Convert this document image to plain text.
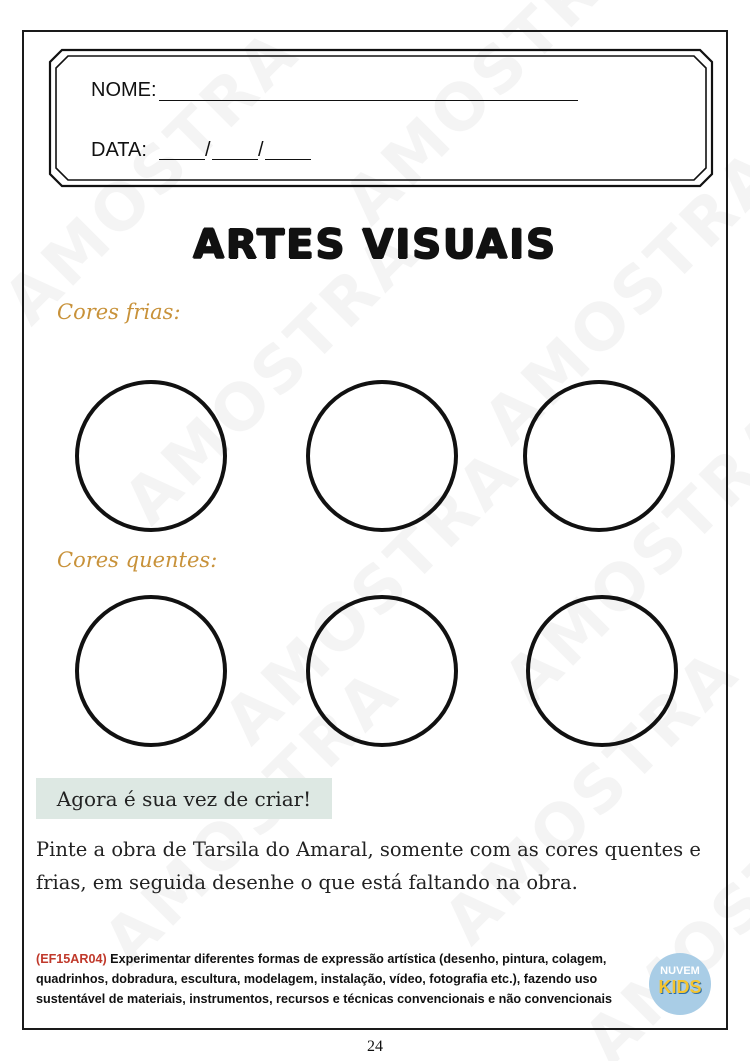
NOME:
DATA:	/ /
ARTES VISUAIS
Cores frias:
Cores quentes:
Agora é sua vez de criar!
Pinte a obra de Tarsila do Amaral, somente com as cores quentes e frias, em seguida desenhe o que está faltando na obra.
(EF15AR04) Experimentar diferentes formas de expressão artística (desenho, pintura, colagem, quadrinhos, dobradura, escultura, modelagem, instalação, vídeo, fotografia etc.), fazendo uso sustentável de materiais, instrumentos, recursos e técnicas convencionais e não convencionais
NUVEM
KIDS
24
